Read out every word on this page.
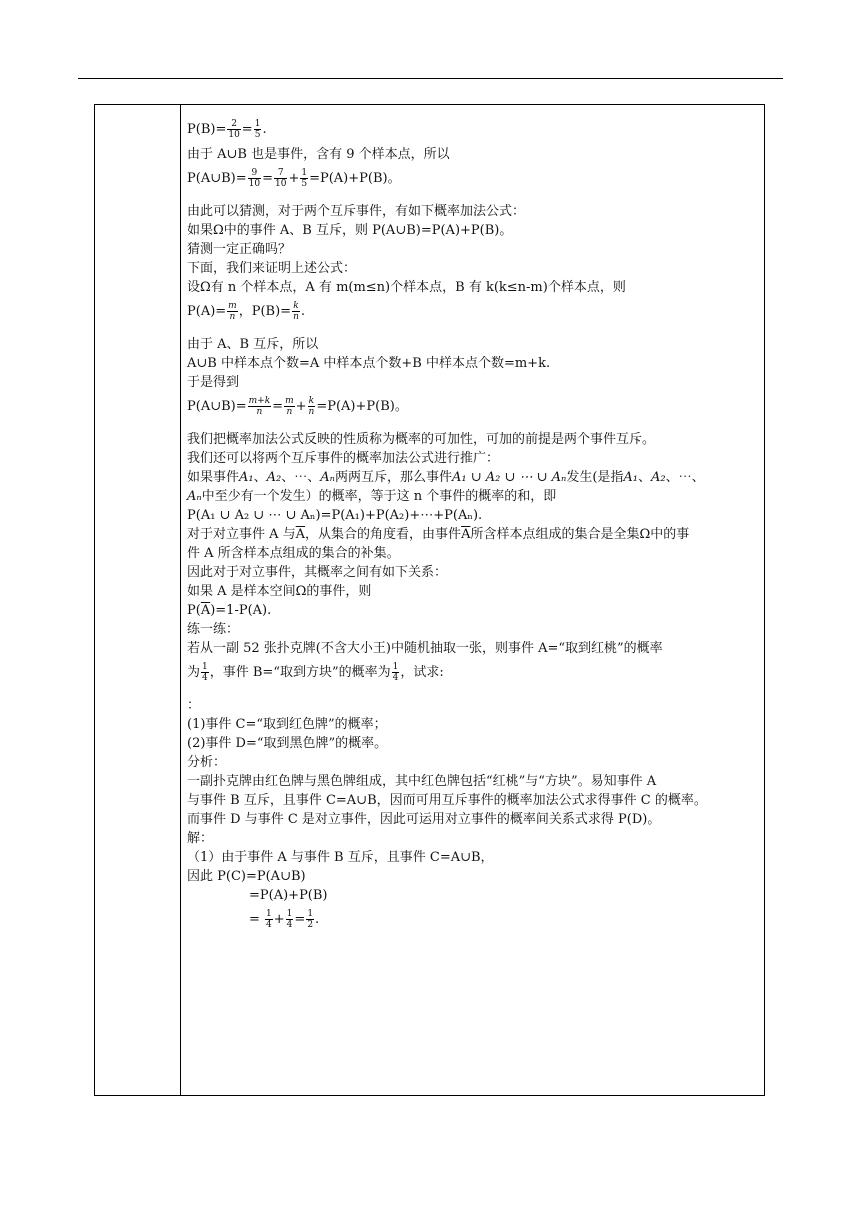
$P(B)= \frac{2}{10} = \frac{1}{5}$ .
由于 A∪B 也是事件，含有 9 个样本点，所以
P(A∪B)= $\frac{9}{10} = \frac{7}{10} + \frac{1}{5} =P(A)+P(B)$。
由此可以猜测，对于两个互斥事件，有如下概率加法公式：
如果Ω中的事件 A、B 互斥，则 P(A∪B)=P(A)+P(B)。
猜测一定正确吗？
下面，我们来证明上述公式：
设Ω有 n 个样本点，A 有 m(m≤n)个样本点，B 有 k(k≤n-m)个样本点，则
$P(A)= \frac{m}{n}$ ，$P(B)= \frac{k}{n}$ .
由于 A、B 互斥，所以
A∪B 中样本点个数=A 中样本点个数+B 中样本点个数=m+k.
于是得到
P(A∪B)= $\frac{m+k}{n} = \frac{m}{n} + \frac{k}{n} =P(A)+P(B)$。
我们把概率加法公式反映的性质称为概率的可加性，可加的前提是两个事件互斥。
我们还可以将两个互斥事件的概率加法公式进行推广：
如果事件A₁、A₂、⋯、Aₙ两两互斥，那么事件A₁ ∪ A₂ ∪ ⋯ ∪ Aₙ发生(是指A₁、A₂、⋯、
Aₙ中至少有一个发生）的概率，等于这 n 个事件的概率的和，即
P(A₁ ∪ A₂ ∪ ⋯ ∪ Aₙ)=P(A₁)+P(A₂)+⋯+P(Aₙ).
对于对立事件 A 与$\overline{A}$，从集合的角度看，由事件$\overline{A}$所含样本点组成的集合是全集Ω中的事
件 A 所含样本点组成的集合的补集。
因此对于对立事件，其概率之间有如下关系：
如果 A 是样本空间Ω的事件，则
$P(\overline{A})=1-P(A)$.
练一练：
若从一副 52 张扑克牌(不含大小王)中随机抽取一张，则事件 A=“取到红桃”的概率
为 $\frac{1}{4}$ ，事件 B=“取到方块”的概率为 $\frac{1}{4}$ ，试求:
：
(1)事件 C=“取到红色牌”的概率；
(2)事件 D=“取到黑色牌”的概率。
分析：
一副扑克牌由红色牌与黑色牌组成，其中红色牌包括“红桃”与“方块”。易知事件 A
与事件 B 互斥，且事件 C=A∪B，因而可用互斥事件的概率加法公式求得事件 C 的概率。
而事件 D 与事件 C 是对立事件，因此可运用对立事件的概率间关系式求得 P(D)。
解：
（1）由于事件 A 与事件 B 互斥，且事件 C=A∪B，
因此 P(C)=P(A∪B)
=P(A)+P(B)
= $\frac{1}{4} + \frac{1}{4} = \frac{1}{2}$ .
